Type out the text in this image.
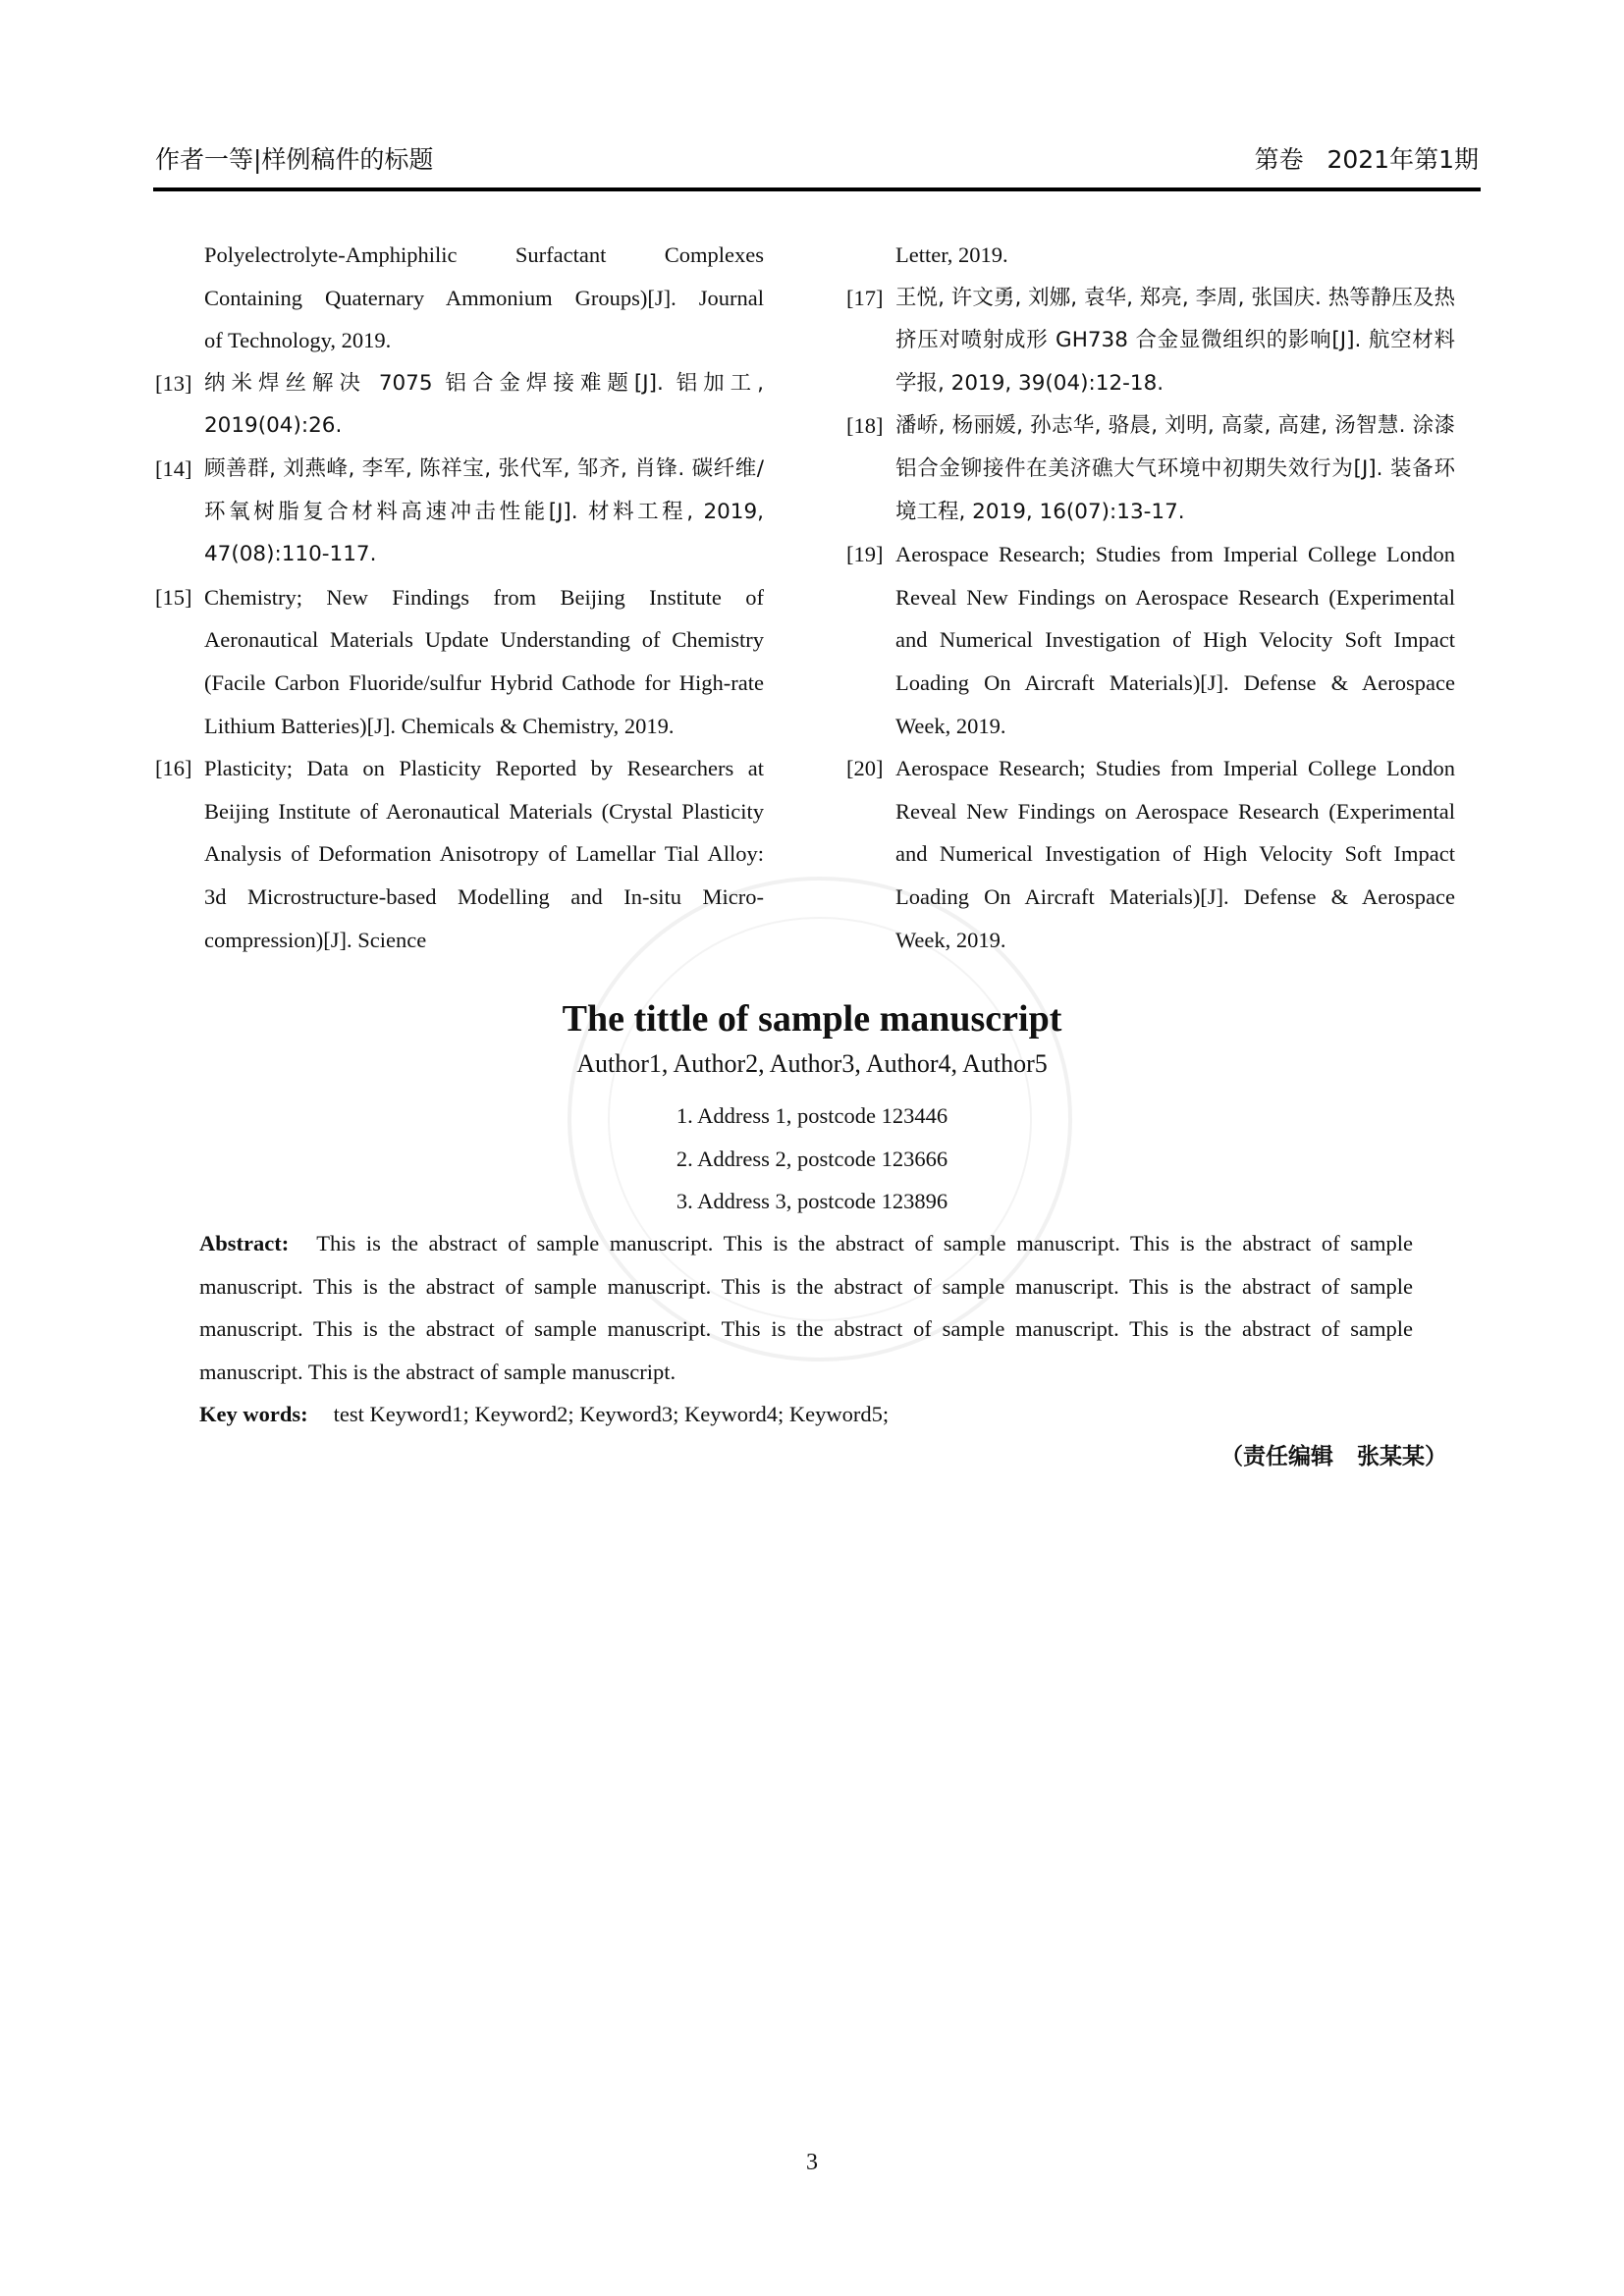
作者一等|样例稿件的标题	第卷   2021年第1期
Polyelectrolyte-Amphiphilic Surfactant Complexes
Containing Quaternary Ammonium Groups)[J]. Journal
of Technology, 2019.
[13] 纳米焊丝解决 7075 铝合金焊接难题[J]. 铝加工, 2019(04):26.
[14] 顾善群, 刘燕峰, 李军, 陈祥宝, 张代军, 邹齐, 肖锋. 碳纤维/环氧树脂复合材料高速冲击性能[J]. 材料工程, 2019, 47(08):110-117.
[15] Chemistry; New Findings from Beijing Institute of Aeronautical Materials Update Understanding of Chemistry (Facile Carbon Fluoride/sulfur Hybrid Cathode for High-rate Lithium Batteries)[J]. Chemicals & Chemistry, 2019.
[16] Plasticity; Data on Plasticity Reported by Researchers at Beijing Institute of Aeronautical Materials (Crystal Plasticity Analysis of Deformation Anisotropy of Lamellar Tial Alloy: 3d Microstructure-based Modelling and In-situ Micro-compression)[J]. Science
Letter, 2019.
[17] 王悦, 许文勇, 刘娜, 袁华, 郑亮, 李周, 张国庆. 热等静压及热挤压对喷射成形 GH738 合金显微组织的影响[J]. 航空材料学报, 2019, 39(04):12-18.
[18] 潘峤, 杨丽媛, 孙志华, 骆晨, 刘明, 高蒙, 高建, 汤智慧. 涂漆铝合金铆接件在美济礁大气环境中初期失效行为[J]. 装备环境工程, 2019, 16(07):13-17.
[19] Aerospace Research; Studies from Imperial College London Reveal New Findings on Aerospace Research (Experimental and Numerical Investigation of High Velocity Soft Impact Loading On Aircraft Materials)[J]. Defense & Aerospace Week, 2019.
[20] Aerospace Research; Studies from Imperial College London Reveal New Findings on Aerospace Research (Experimental and Numerical Investigation of High Velocity Soft Impact Loading On Aircraft Materials)[J]. Defense & Aerospace Week, 2019.
The tittle of sample manuscript
Author1, Author2, Author3, Author4, Author5
1. Address 1, postcode 123446
2. Address 2, postcode 123666
3. Address 3, postcode 123896
Abstract: This is the abstract of sample manuscript. This is the abstract of sample manuscript. This is the abstract of sample manuscript. This is the abstract of sample manuscript. This is the abstract of sample manuscript. This is the abstract of sample manuscript. This is the abstract of sample manuscript. This is the abstract of sample manuscript. This is the abstract of sample manuscript. This is the abstract of sample manuscript.
Key words: test Keyword1; Keyword2; Keyword3; Keyword4; Keyword5;
（责任编辑   张某某）
3
